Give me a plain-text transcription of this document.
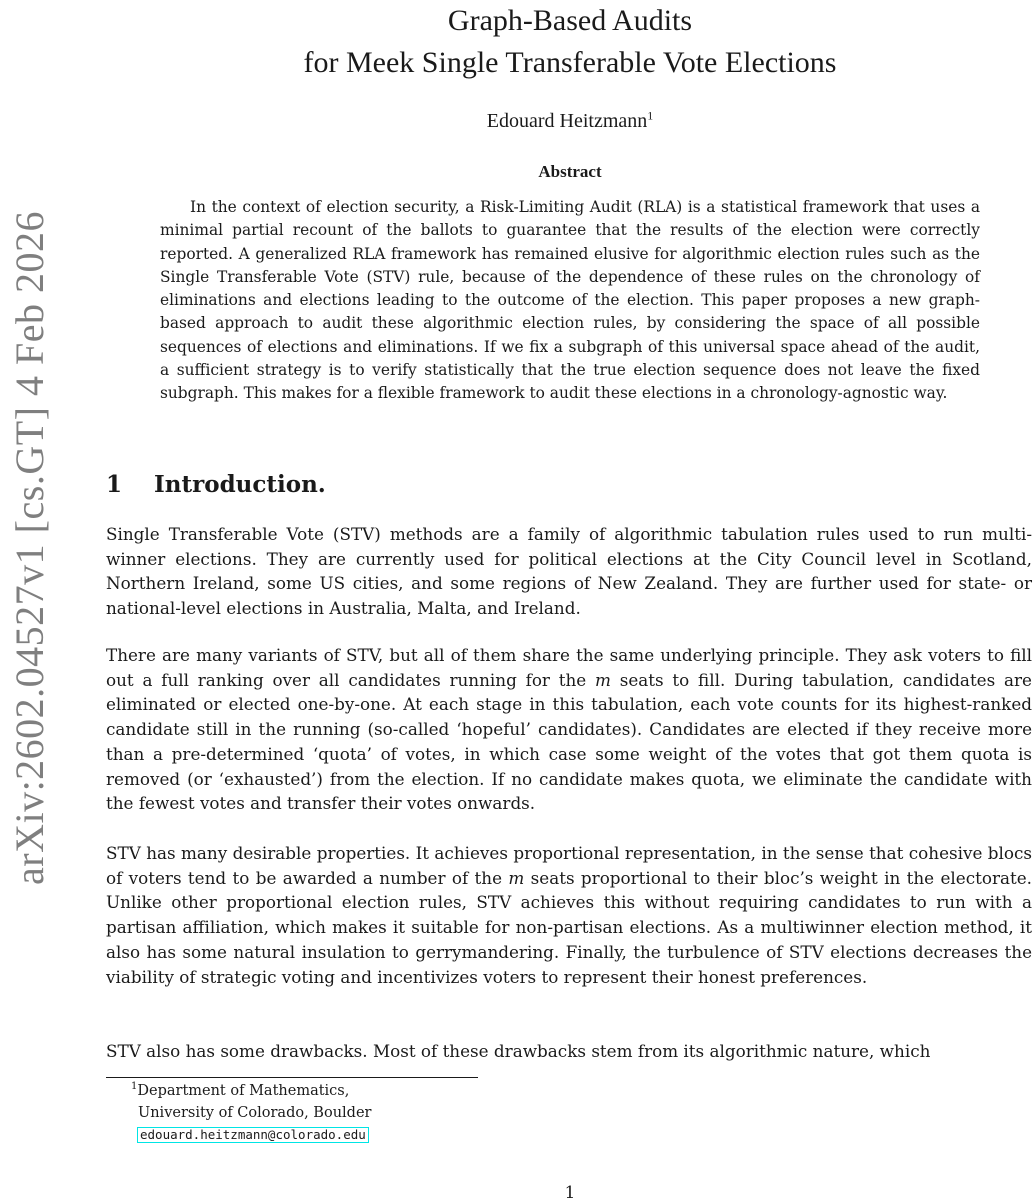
arXiv:2602.04527v1 [cs.GT] 4 Feb 2026
Graph-Based Audits
for Meek Single Transferable Vote Elections
Edouard Heitzmann$^1$
Abstract

In the context of election security, a Risk-Limiting Audit (RLA) is a statistical framework that uses a minimal partial recount of the ballots to guarantee that the results of the election were correctly reported. A generalized RLA framework has remained elusive for algorithmic election rules such as the Single Transferable Vote (STV) rule, because of the dependence of these rules on the chronology of eliminations and elections leading to the outcome of the election. This paper proposes a new graph-based approach to audit these algorithmic election rules, by considering the space of all possible sequences of elections and eliminations. If we fix a subgraph of this universal space ahead of the audit, a sufficient strategy is to verify statistically that the true election sequence does not leave the fixed subgraph. This makes for a flexible framework to audit these elections in a chronology-agnostic way.

1 Introduction.

Single Transferable Vote (STV) methods are a family of algorithmic tabulation rules used to run multi-winner elections. They are currently used for political elections at the City Council level in Scotland, Northern Ireland, some US cities, and some regions of New Zealand. They are further used for state- or national-level elections in Australia, Malta, and Ireland.

There are many variants of STV, but all of them share the same underlying principle. They ask voters to fill out a full ranking over all candidates running for the m seats to fill. During tabulation, candidates are eliminated or elected one-by-one. At each stage in this tabulation, each vote counts for its highest-ranked candidate still in the running (so-called ‘hopeful’ candidates). Candidates are elected if they receive more than a pre-determined ‘quota’ of votes, in which case some weight of the votes that got them quota is removed (or ‘exhausted’) from the election. If no candidate makes quota, we eliminate the candidate with the fewest votes and transfer their votes onwards.

STV has many desirable properties. It achieves proportional representation, in the sense that cohesive blocs of voters tend to be awarded a number of the m seats proportional to their bloc’s weight in the electorate. Unlike other proportional election rules, STV achieves this without requiring candidates to run with a partisan affiliation, which makes it suitable for non-partisan elections. As a multiwinner election method, it also has some natural insulation to gerrymandering. Finally, the turbulence of STV elections decreases the viability of strategic voting and incentivizes voters to represent their honest preferences.

STV also has some drawbacks. Most of these drawbacks stem from its algorithmic nature, which

$^1$Department of Mathematics,
University of Colorado, Boulder
edouard.heitzmann@colorado.edu
1
